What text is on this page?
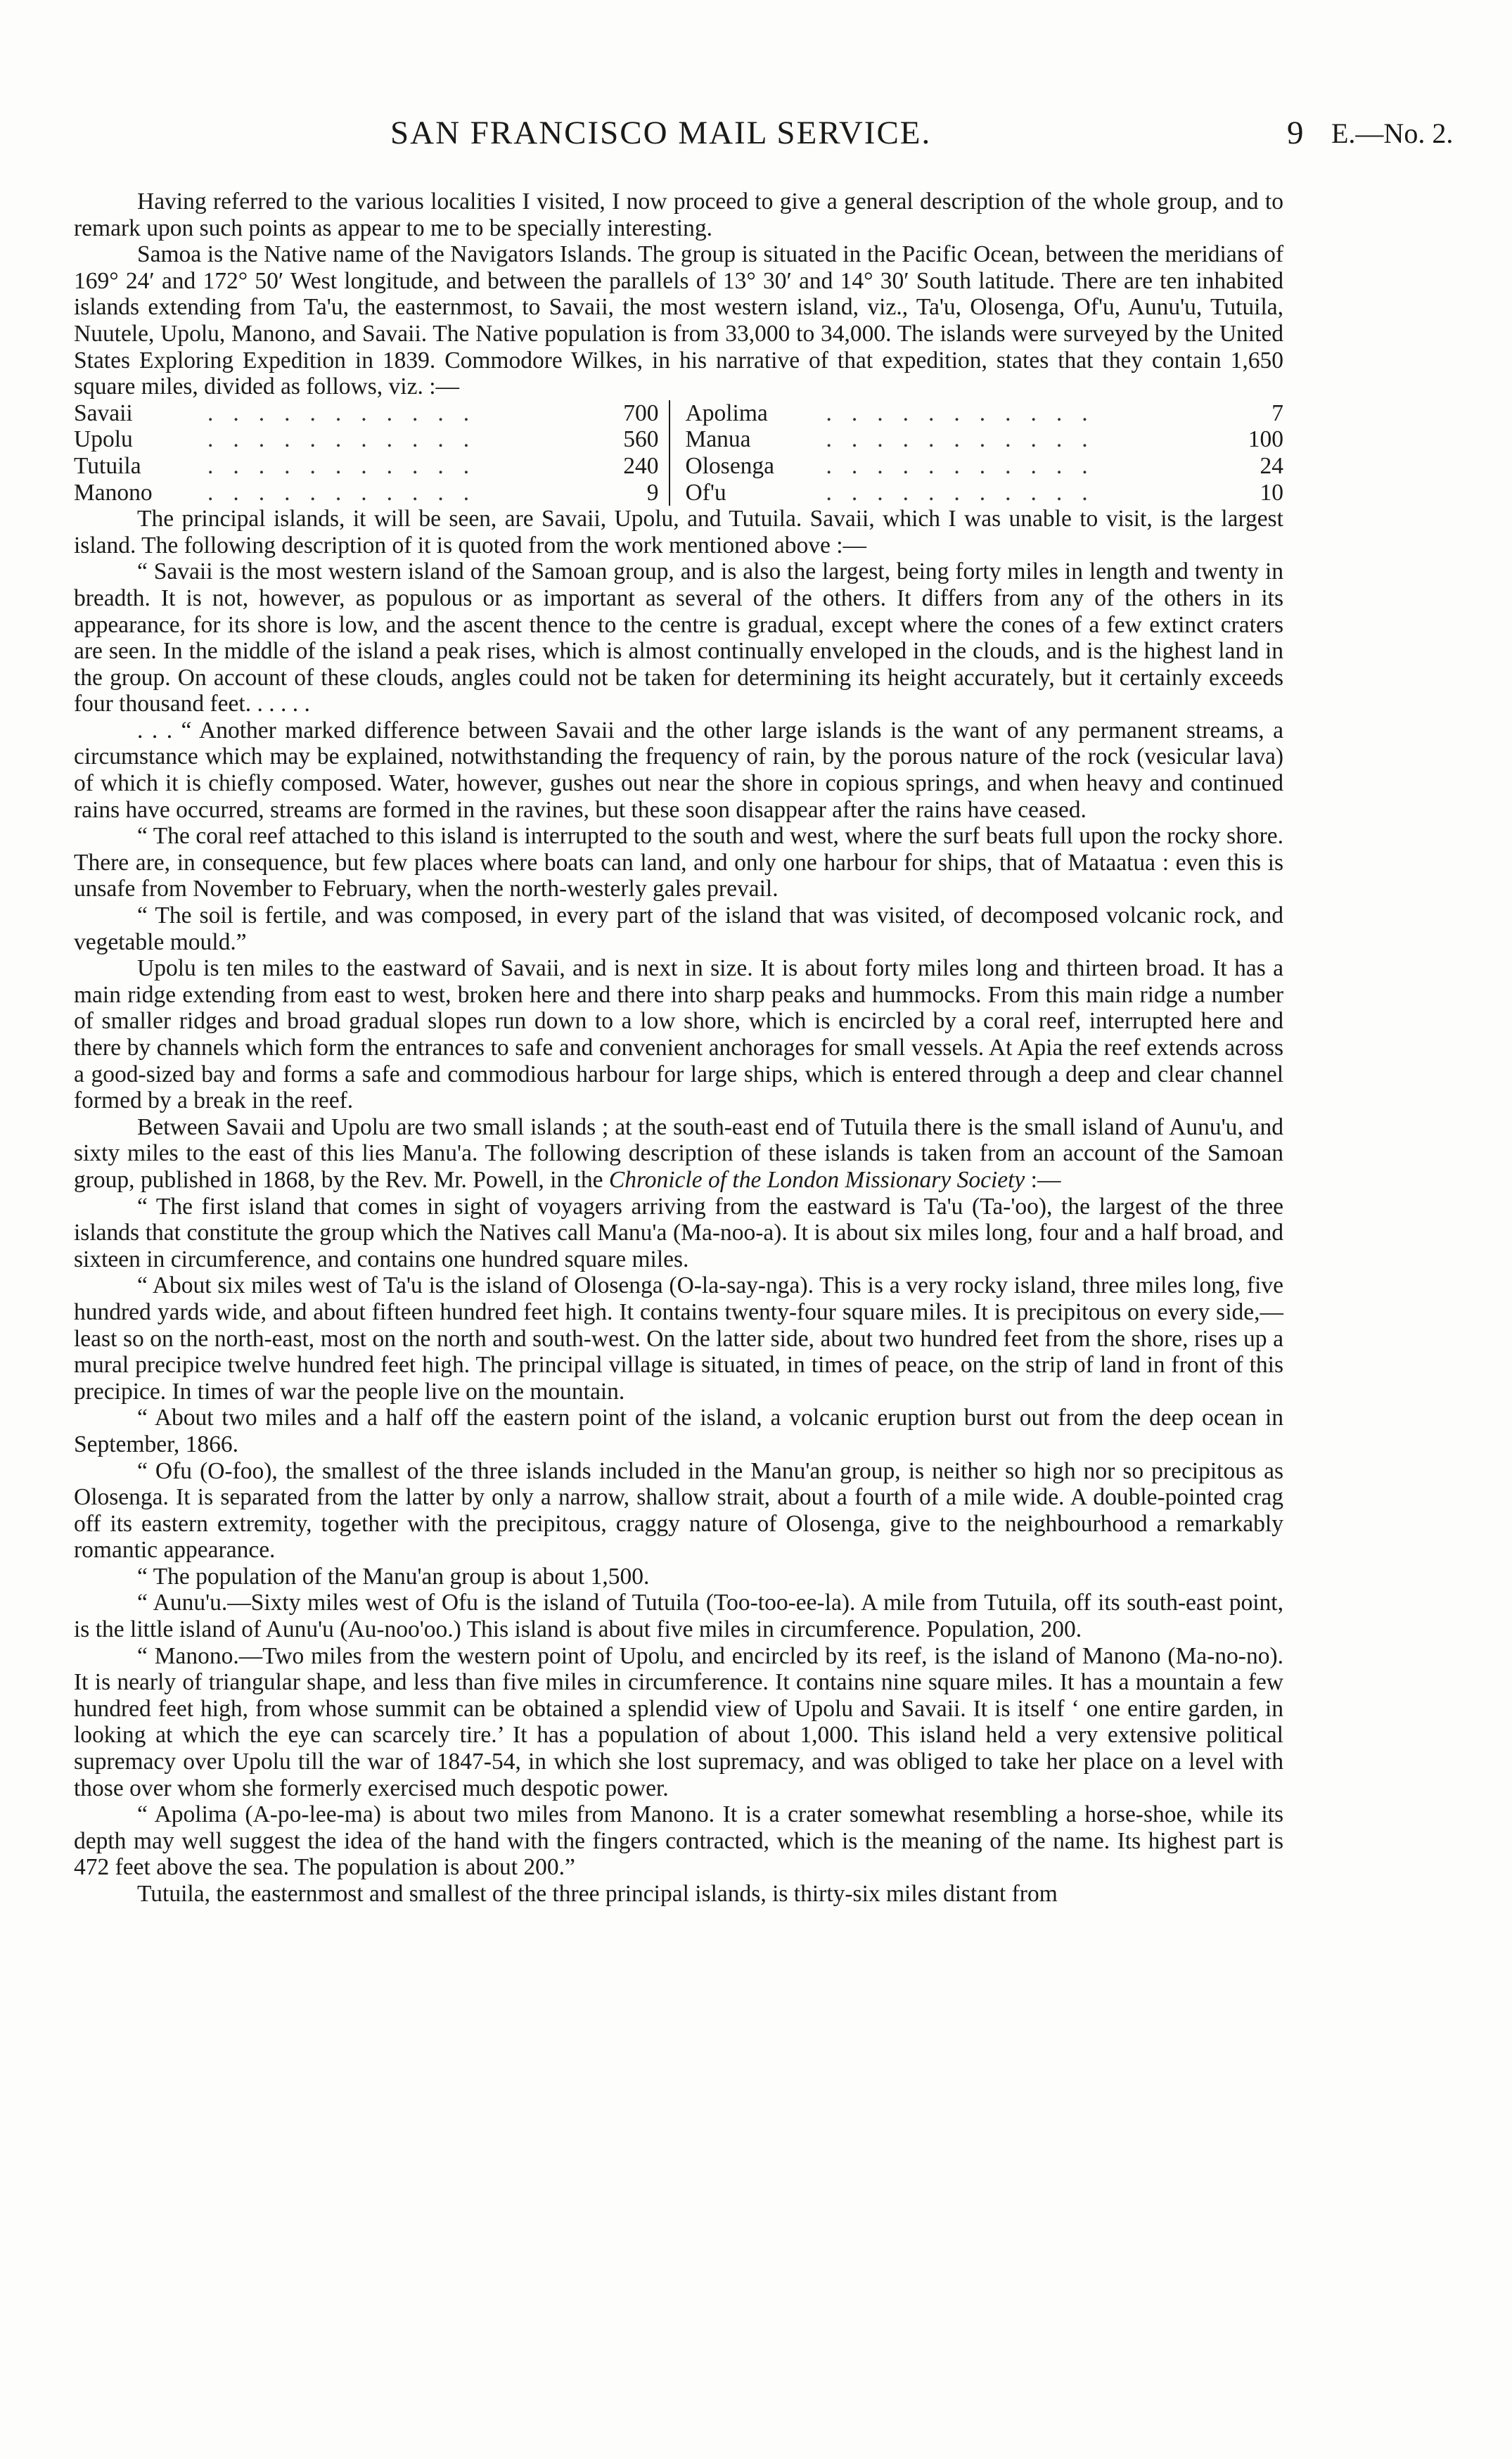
SAN FRANCISCO MAIL SERVICE.	9 E.—No. 2.

Having referred to the various localities I visited, I now proceed to give a general description of the whole group, and to remark upon such points as appear to me to be specially interesting.

Samoa is the Native name of the Navigators Islands. The group is situated in the Pacific Ocean, between the meridians of 169° 24′ and 172° 50′ West longitude, and between the parallels of 13° 30′ and 14° 30′ South latitude. There are ten inhabited islands extending from Ta'u, the easternmost, to Savaii, the most western island, viz., Ta'u, Olosenga, Of'u, Aunu'u, Tutuila, Nuutele, Upolu, Manono, and Savaii. The Native population is from 33,000 to 34,000. The islands were surveyed by the United States Exploring Expedition in 1839. Commodore Wilkes, in his narrative of that expedition, states that they contain 1,650 square miles, divided as follows, viz. :—

Savaii	...........	700
Upolu	...........	560
Tutuila	...........	240
Manono	...........	9
Apolima	...........	7
Manua	...........	100
Olosenga	...........	24
Of'u	...........	10

The principal islands, it will be seen, are Savaii, Upolu, and Tutuila. Savaii, which I was unable to visit, is the largest island. The following description of it is quoted from the work mentioned above :—

“ Savaii is the most western island of the Samoan group, and is also the largest, being forty miles in length and twenty in breadth. It is not, however, as populous or as important as several of the others. It differs from any of the others in its appearance, for its shore is low, and the ascent thence to the centre is gradual, except where the cones of a few extinct craters are seen. In the middle of the island a peak rises, which is almost continually enveloped in the clouds, and is the highest land in the group. On account of these clouds, angles could not be taken for determining its height accurately, but it certainly exceeds four thousand feet. . . . . .

. . . “ Another marked difference between Savaii and the other large islands is the want of any permanent streams, a circumstance which may be explained, notwithstanding the frequency of rain, by the porous nature of the rock (vesicular lava) of which it is chiefly composed. Water, however, gushes out near the shore in copious springs, and when heavy and continued rains have occurred, streams are formed in the ravines, but these soon disappear after the rains have ceased.

“ The coral reef attached to this island is interrupted to the south and west, where the surf beats full upon the rocky shore. There are, in consequence, but few places where boats can land, and only one harbour for ships, that of Mataatua : even this is unsafe from November to February, when the north-westerly gales prevail.

“ The soil is fertile, and was composed, in every part of the island that was visited, of decomposed volcanic rock, and vegetable mould.”

Upolu is ten miles to the eastward of Savaii, and is next in size. It is about forty miles long and thirteen broad. It has a main ridge extending from east to west, broken here and there into sharp peaks and hummocks. From this main ridge a number of smaller ridges and broad gradual slopes run down to a low shore, which is encircled by a coral reef, interrupted here and there by channels which form the entrances to safe and convenient anchorages for small vessels. At Apia the reef extends across a good-sized bay and forms a safe and commodious harbour for large ships, which is entered through a deep and clear channel formed by a break in the reef.

Between Savaii and Upolu are two small islands ; at the south-east end of Tutuila there is the small island of Aunu'u, and sixty miles to the east of this lies Manu'a. The following description of these islands is taken from an account of the Samoan group, published in 1868, by the Rev. Mr. Powell, in the Chronicle of the London Missionary Society :—

“ The first island that comes in sight of voyagers arriving from the eastward is Ta'u (Ta-'oo), the largest of the three islands that constitute the group which the Natives call Manu'a (Ma-noo-a). It is about six miles long, four and a half broad, and sixteen in circumference, and contains one hundred square miles.

“ About six miles west of Ta'u is the island of Olosenga (O-la-say-nga). This is a very rocky island, three miles long, five hundred yards wide, and about fifteen hundred feet high. It contains twenty-four square miles. It is precipitous on every side,—least so on the north-east, most on the north and south-west. On the latter side, about two hundred feet from the shore, rises up a mural precipice twelve hundred feet high. The principal village is situated, in times of peace, on the strip of land in front of this precipice. In times of war the people live on the mountain.

“ About two miles and a half off the eastern point of the island, a volcanic eruption burst out from the deep ocean in September, 1866.

“ Ofu (O-foo), the smallest of the three islands included in the Manu'an group, is neither so high nor so precipitous as Olosenga. It is separated from the latter by only a narrow, shallow strait, about a fourth of a mile wide. A double-pointed crag off its eastern extremity, together with the precipitous, craggy nature of Olosenga, give to the neighbourhood a remarkably romantic appearance.

“ The population of the Manu'an group is about 1,500.

“ Aunu'u.—Sixty miles west of Ofu is the island of Tutuila (Too-too-ee-la). A mile from Tutuila, off its south-east point, is the little island of Aunu'u (Au-noo'oo.) This island is about five miles in circumference. Population, 200.

“ Manono.—Two miles from the western point of Upolu, and encircled by its reef, is the island of Manono (Ma-no-no). It is nearly of triangular shape, and less than five miles in circumference. It contains nine square miles. It has a mountain a few hundred feet high, from whose summit can be obtained a splendid view of Upolu and Savaii. It is itself ‘ one entire garden, in looking at which the eye can scarcely tire.’ It has a population of about 1,000. This island held a very extensive political supremacy over Upolu till the war of 1847-54, in which she lost supremacy, and was obliged to take her place on a level with those over whom she formerly exercised much despotic power.

“ Apolima (A-po-lee-ma) is about two miles from Manono. It is a crater somewhat resembling a horse-shoe, while its depth may well suggest the idea of the hand with the fingers contracted, which is the meaning of the name. Its highest part is 472 feet above the sea. The population is about 200.”

Tutuila, the easternmost and smallest of the three principal islands, is thirty-six miles distant from
